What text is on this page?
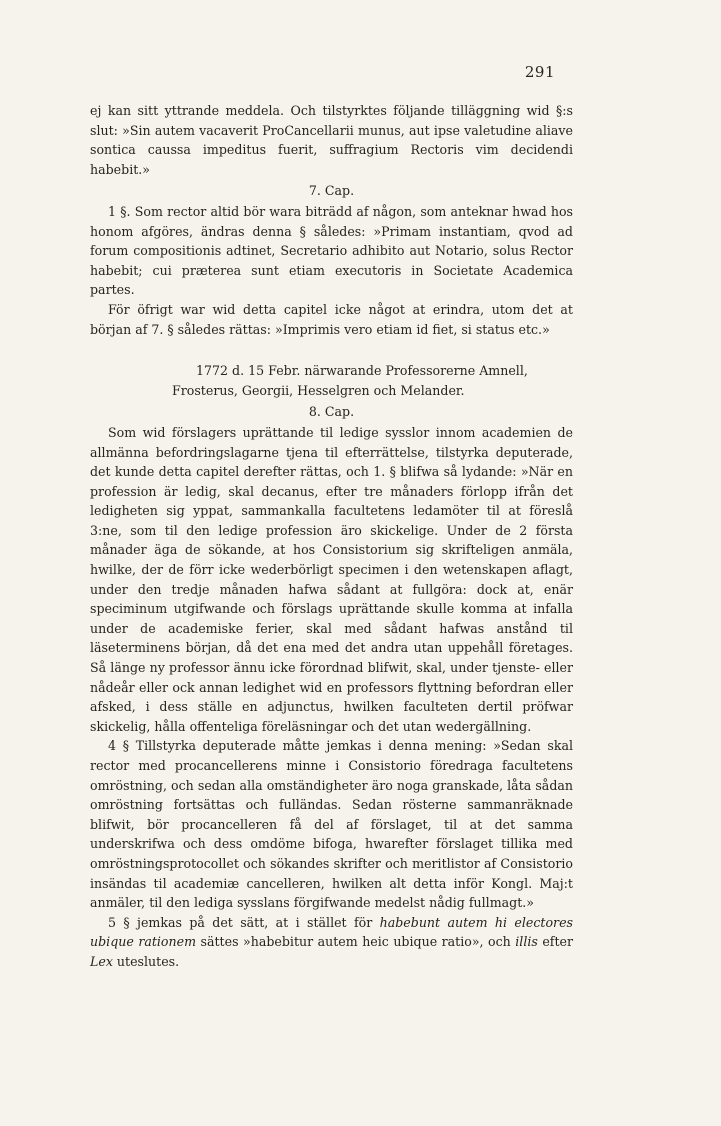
291

ej kan sitt yttrande meddela. Och tilstyrktes följande tilläggning wid §:s slut: »Sin autem vacaverit ProCancellarii munus, aut ipse valetudine aliave sontica caussa impeditus fuerit, suffragium Rectoris vim decidendi habebit.»

7. Cap.

1 §. Som rector altid bör wara biträdd af någon, som anteknar hwad hos honom afgöres, ändras denna § således: »Primam instantiam, qvod ad forum compositionis adtinet, Secretario adhibito aut Notario, solus Rector habebit; cui præterea sunt etiam executoris in Societate Academica partes.

För öfrigt war wid detta capitel icke något at erindra, utom det at början af 7. § således rättas: »Imprimis vero etiam id fiet, si status etc.»

1772 d. 15 Febr. närwarande Professorerne Amnell, Frosterus, Georgii, Hesselgren och Melander.

8. Cap.

Som wid förslagers uprättande til ledige sysslor innom academien de allmänna befordringslagarne tjena til efterrättelse, tilstyrka deputerade, det kunde detta capitel derefter rättas, och 1. § blifwa så lydande: »När en profession är ledig, skal decanus, efter tre månaders förlopp ifrån det ledigheten sig yppat, sammankalla facultetens ledamöter til at föreslå 3:ne, som til den ledige profession äro skickelige. Under de 2 första månader äga de sökande, at hos Consistorium sig skrifteligen anmäla, hwilke, der de förr icke wederbörligt specimen i den wetenskapen aflagt, under den tredje månaden hafwa sådant at fullgöra: dock at, enär speciminum utgifwande och förslags uprättande skulle komma at infalla under de academiske ferier, skal med sådant hafwas anstånd til läseterminens början, då det ena med det andra utan uppehåll företages. Så länge ny professor ännu icke förordnad blifwit, skal, under tjenste- eller nådeår eller ock annan ledighet wid en professors flyttning befordran eller afsked, i dess ställe en adjunctus, hwilken faculteten dertil pröfwar skickelig, hålla offenteliga föreläsningar och det utan wedergällning.

4 § Tillstyrka deputerade måtte jemkas i denna mening: »Sedan skal rector med procancellerens minne i Consistorio föredraga facultetens omröstning, och sedan alla omständigheter äro noga granskade, låta sådan omröstning fortsättas och fulländas. Sedan rösterne sammanräknade blifwit, bör procancelleren få del af förslaget, til at det samma underskrifwa och dess omdöme bifoga, hwarefter förslaget tillika med omröstningsprotocollet och sökandes skrifter och meritlistor af Consistorio insändas til academiæ cancelleren, hwilken alt detta inför Kongl. Maj:t anmäler, til den lediga sysslans förgifwande medelst nådig fullmagt.»

5 § jemkas på det sätt, at i stället för habebunt autem hi electores ubique rationem sättes »habebitur autem heic ubique ratio», och illis efter Lex uteslutes.
